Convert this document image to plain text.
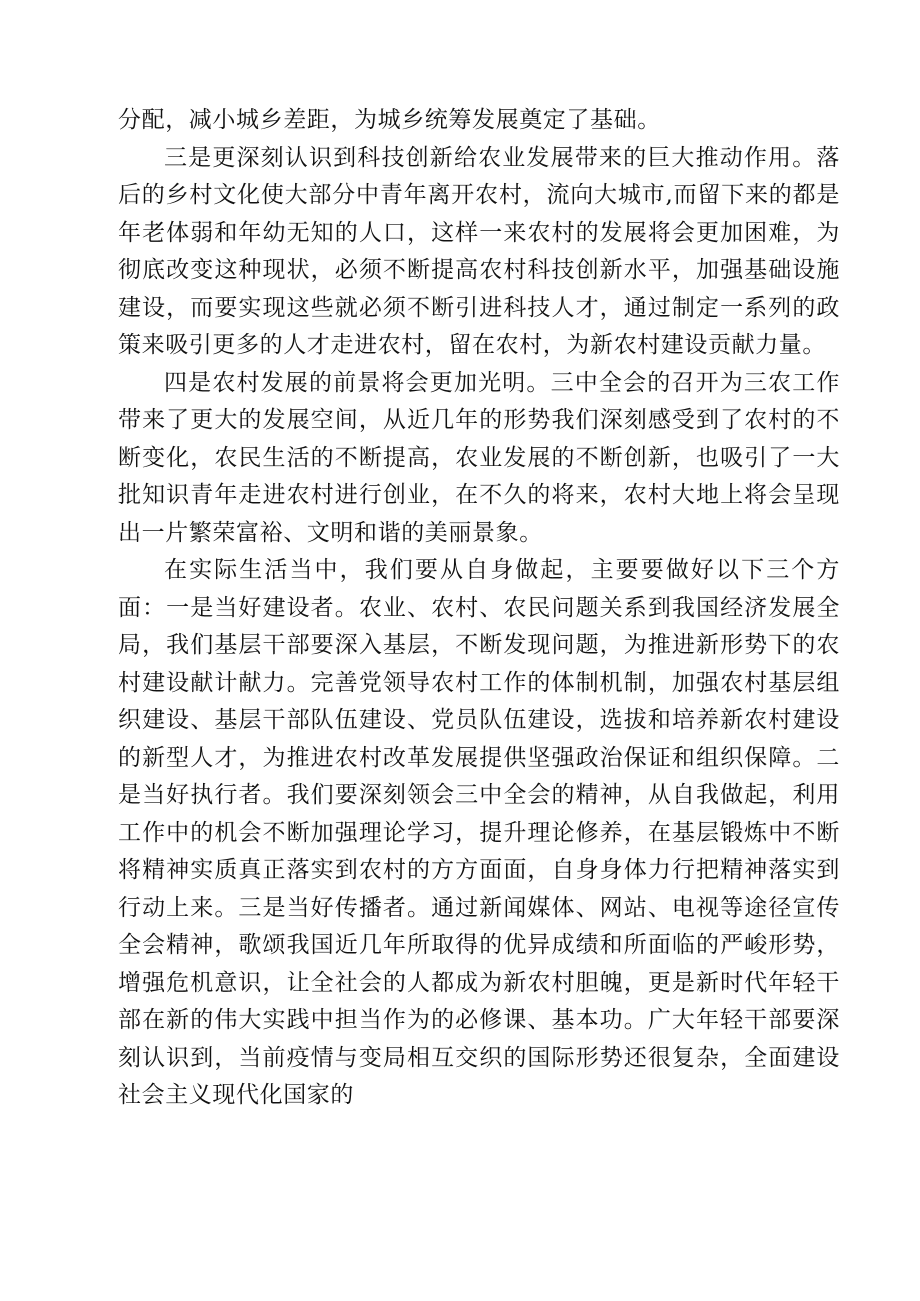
分配，减小城乡差距，为城乡统筹发展奠定了基础。

三是更深刻认识到科技创新给农业发展带来的巨大推动作用。落后的乡村文化使大部分中青年离开农村，流向大城市,而留下来的都是年老体弱和年幼无知的人口，这样一来农村的发展将会更加困难，为彻底改变这种现状，必须不断提高农村科技创新水平，加强基础设施建设，而要实现这些就必须不断引进科技人才，通过制定一系列的政策来吸引更多的人才走进农村，留在农村，为新农村建设贡献力量。

四是农村发展的前景将会更加光明。三中全会的召开为三农工作带来了更大的发展空间，从近几年的形势我们深刻感受到了农村的不断变化，农民生活的不断提高，农业发展的不断创新，也吸引了一大批知识青年走进农村进行创业，在不久的将来，农村大地上将会呈现出一片繁荣富裕、文明和谐的美丽景象。

在实际生活当中，我们要从自身做起，主要要做好以下三个方面：一是当好建设者。农业、农村、农民问题关系到我国经济发展全局，我们基层干部要深入基层，不断发现问题，为推进新形势下的农村建设献计献力。完善党领导农村工作的体制机制，加强农村基层组织建设、基层干部队伍建设、党员队伍建设，选拔和培养新农村建设的新型人才，为推进农村改革发展提供坚强政治保证和组织保障。二是当好执行者。我们要深刻领会三中全会的精神，从自我做起，利用工作中的机会不断加强理论学习，提升理论修养，在基层锻炼中不断将精神实质真正落实到农村的方方面面，自身身体力行把精神落实到行动上来。三是当好传播者。通过新闻媒体、网站、电视等途径宣传全会精神，歌颂我国近几年所取得的优异成绩和所面临的严峻形势，增强危机意识，让全社会的人都成为新农村胆魄，更是新时代年轻干部在新的伟大实践中担当作为的必修课、基本功。广大年轻干部要深刻认识到，当前疫情与变局相互交织的国际形势还很复杂，全面建设社会主义现代化国家的
